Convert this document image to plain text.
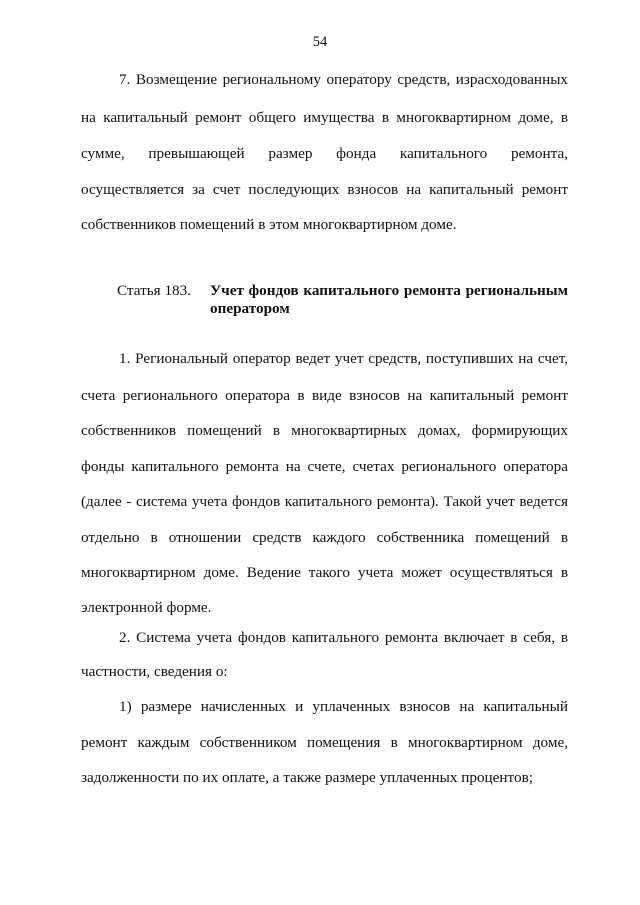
54
7. Возмещение региональному оператору средств, израсходованных
на капитальный ремонт общего имущества в многоквартирном доме, в
сумме, превышающей размер фонда капитального ремонта,
осуществляется за счет последующих взносов на капитальный ремонт
собственников помещений в этом многоквартирном доме.
Статья 183. Учет фондов капитального ремонта региональным
оператором
1. Региональный оператор ведет учет средств, поступивших на счет,
счета регионального оператора в виде взносов на капитальный ремонт
собственников помещений в многоквартирных домах, формирующих
фонды капитального ремонта на счете, счетах регионального оператора
(далее - система учета фондов капитального ремонта). Такой учет ведется
отдельно в отношении средств каждого собственника помещений в
многоквартирном доме. Ведение такого учета может осуществляться в
электронной форме.
2. Система учета фондов капитального ремонта включает в себя, в
частности, сведения о:
1) размере начисленных и уплаченных взносов на капитальный
ремонт каждым собственником помещения в многоквартирном доме,
задолженности по их оплате, а также размере уплаченных процентов;
